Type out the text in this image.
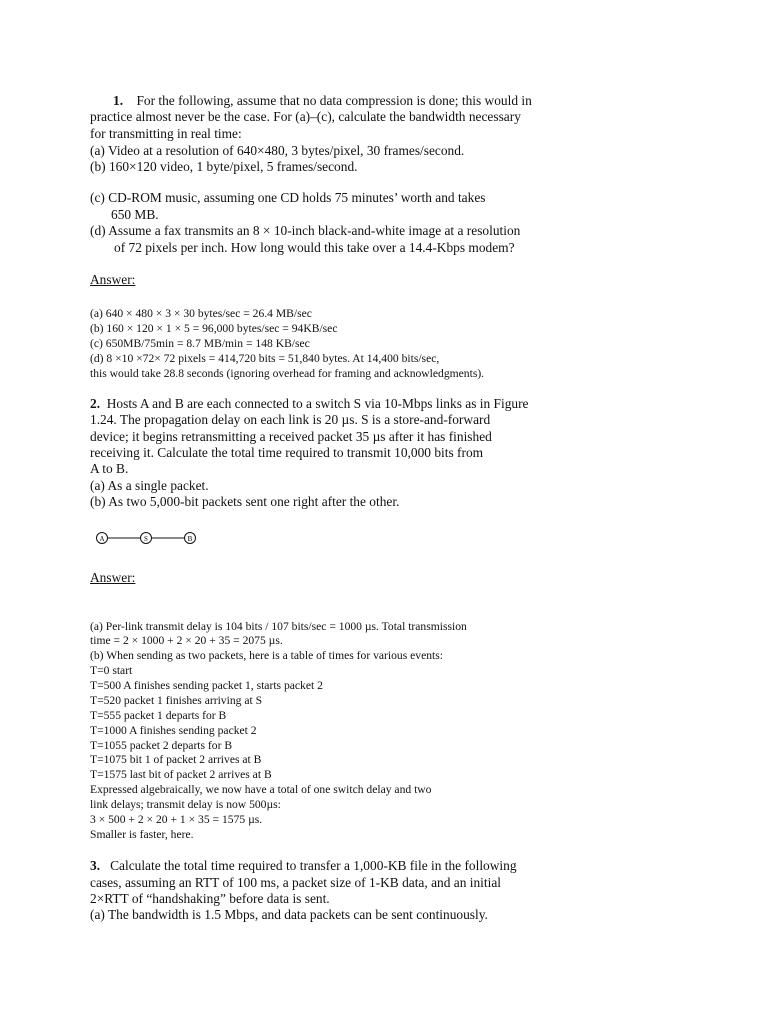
1. For the following, assume that no data compression is done; this would in
practice almost never be the case. For (a)–(c), calculate the bandwidth necessary
for transmitting in real time:
(a) Video at a resolution of 640×480, 3 bytes/pixel, 30 frames/second.
(b) 160×120 video, 1 byte/pixel, 5 frames/second.
(c) CD-ROM music, assuming one CD holds 75 minutes’ worth and takes
650 MB.
(d) Assume a fax transmits an 8 × 10-inch black-and-white image at a resolution
of 72 pixels per inch. How long would this take over a 14.4-Kbps modem?
Answer:
(a) 640 × 480 × 3 × 30 bytes/sec = 26.4 MB/sec
(b) 160 × 120 × 1 × 5 = 96,000 bytes/sec = 94KB/sec
(c) 650MB/75min = 8.7 MB/min = 148 KB/sec
(d) 8 ×10 ×72× 72 pixels = 414,720 bits = 51,840 bytes. At 14,400 bits/sec,
this would take 28.8 seconds (ignoring overhead for framing and acknowledgments).
2. Hosts A and B are each connected to a switch S via 10-Mbps links as in Figure
1.24. The propagation delay on each link is 20 µs. S is a store-and-forward
device; it begins retransmitting a received packet 35 µs after it has finished
receiving it. Calculate the total time required to transmit 10,000 bits from
A to B.
(a) As a single packet.
(b) As two 5,000-bit packets sent one right after the other.
A	S	B
Answer:
(a) Per-link transmit delay is 104 bits / 107 bits/sec = 1000 µs. Total transmission
time = 2 × 1000 + 2 × 20 + 35 = 2075 µs.
(b) When sending as two packets, here is a table of times for various events:
T=0 start
T=500 A finishes sending packet 1, starts packet 2
T=520 packet 1 finishes arriving at S
T=555 packet 1 departs for B
T=1000 A finishes sending packet 2
T=1055 packet 2 departs for B
T=1075 bit 1 of packet 2 arrives at B
T=1575 last bit of packet 2 arrives at B
Expressed algebraically, we now have a total of one switch delay and two
link delays; transmit delay is now 500µs:
3 × 500 + 2 × 20 + 1 × 35 = 1575 µs.
Smaller is faster, here.
3. Calculate the total time required to transfer a 1,000-KB file in the following
cases, assuming an RTT of 100 ms, a packet size of 1-KB data, and an initial
2×RTT of “handshaking” before data is sent.
(a) The bandwidth is 1.5 Mbps, and data packets can be sent continuously.
